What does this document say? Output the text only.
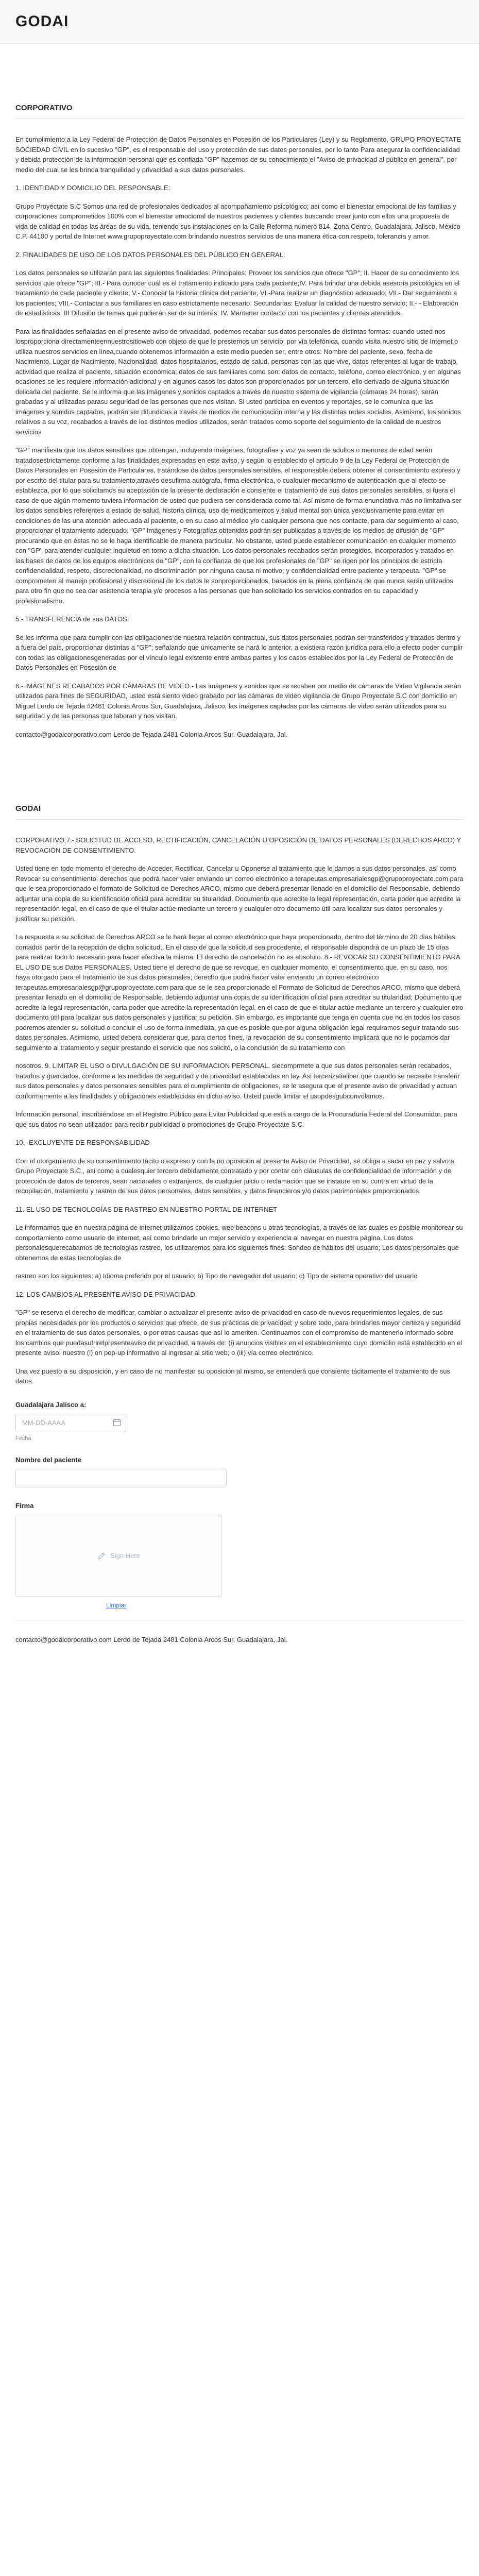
GODAI
CORPORATIVO

En cumplimiento a la Ley Federal de Protección de Datos Personales en Posesión de los Particulares (Ley) y su Reglamento, GRUPO PROYECTATE SOCIEDAD CIVIL en lo sucesivo "GP", es el responsable del uso y protección de sus datos personales, por lo tanto Para asegurar la confidencialidad y debida protección de la información personal que es confiada "GP" hacemos de su conocimiento el "Aviso de privacidad al público en general", por medio del cual se les brinda tranquilidad y privacidad a sus datos personales.

1. IDENTIDAD Y DOMICILIO DEL RESPONSABLE:

Grupo Proyéctate S.C Somos una red de profesionales dedicados al acompañamiento psicológico; así como el bienestar emocional de las familias y corporaciones comprometidos 100% con el bienestar emocional de nuestros pacientes y clientes buscando crear junto con ellos una propuesta de vida de calidad en todas las áreas de su vida, teniendo sus instalaciones en la Calle Reforma número 814, Zona Centro, Guadalajara, Jalisco, México C.P. 44100 y portal de Internet www.grupoproyectate.com brindando nuestros servicios de una manera ética con respeto, tolerancia y amor.

2. FINALIDADES DE USO DE LOS DATOS PERSONALES DEL PÚBLICO EN GENERAL:

Los datos personales se utilizarán para las siguientes finalidades: Principales: Proveer los servicios que ofrece "GP"; II. Hacer de su conocimiento los servicios que ofrece "GP"; III.- Para conocer cuál es el tratamiento indicado para cada paciente;IV. Para brindar una debida asesoría psicológica en el tratamiento de cada paciente y cliente; V.- Conocer la historia clínica del paciente, VI.-Para realizar un diagnóstico adecuado; VII.- Dar seguimiento a los pacientes; VIII.- Contactar a sus familiares en caso estrictamente necesario. Secundarias: Evaluar la calidad de nuestro servicio; II.- - Elaboración de estadísticas. III Difusión de temas que pudieran ser de su interés; IV. Mantener contacto con los pacientes y clientes atendidos.

Para las finalidades señaladas en el presente aviso de privacidad, podemos recabar sus datos personales de distintas formas: cuando usted nos losproporciona directamenteennuestrositioweb con objeto de que le prestemos un servicio; por vía telefónica, cuando visita nuestro sitio de Internet o utiliza nuestros servicios en línea,cuando obtenemos información a este medio pueden ser, entre otros: Nombre del paciente, sexo, fecha de Nacimiento, Lugar de Nacimiento, Nacionalidad, datos hospitalarios, estado de salud, personas con las que vive, datos referentes al lugar de trabajo, actividad que realiza el paciente, situación económica; datos de sus familiares como son: datos de contacto, teléfono, correo electrónico, y en algunas ocasiones se les requiere información adicional y en algunos casos los datos son proporcionados por un tercero, ello derivado de alguna situación delicada del paciente. Se le informa que las imágenes y sonidos captados a través de nuestro sistema de vigilancia (cámaras 24 horas), serán grabadas y al utilizadas parasu seguridad de las personas que nos visitan. Si usted participa en eventos y reportajes, se le comunica que las imágenes y sonidos captados, podrán ser difundidas a través de medios de comunicación interna y las distintas redes sociales. Asimismo, los sonidos relativos a su voz, recabados a través de los distintos medios utilizados, serán tratados como soporte del seguimiento de la calidad de nuestros servicios

"GP" manifiesta que los datos sensibles que obtengan, incluyendo imágenes, fotografías y voz ya sean de adultos o menores de edad serán tratadosestrictamente conforme a las finalidades expresadas en este aviso, y según lo establecido el artículo 9 de la Ley Federal de Protección de Datos Personales en Posesión de Particulares, tratándose de datos personales sensibles, el responsable deberá obtener el consentimiento expreso y por escrito del titular para su tratamiento,através desufirma autógrafa, firma electrónica, o cualquier mecanismo de autenticación que al efecto se establezca, por lo que solicitamos su aceptación de la presente declaración e consiente el tratamiento de sus datos personales sensibles, si fuera el caso de que algún momento tuviera información de usted que pudiera ser considerada como tal. Así mismo de forma enunciativa más no limitativa ser los datos sensibles referentes a estado de salud, historia clínica, uso de medicamentos y salud mental son única yexclusivamente para evitar en condiciones de las una atención adecuada al paciente, o en su caso al médico y/o cualquier persona que nos contacte, para dar seguimiento al caso, proporcionar el tratamiento adecuado. "GP" Imágenes y Fotografías obtenidas podrán ser publicadas a través de los medios de difusión de "GP" procurando que en éstas no se le haga identificable de manera particular. No obstante, usted puede establecer comunicación en cualquier momento con "GP" para atender cualquier inquietud en torno a dicha situación. Los datos personales recabados serán protegidos, incorporados y tratados en las bases de datos de los equipos electrónicos de "GP", con la confianza de que los profesionales de "GP" se rigen por los principios de estricta confidencialidad, respeto, discrecionalidad, no discriminación por ninguna causa ni motivo; y confidencialidad entre paciente y terapeuta. "GP" se comprometen al manejo profesional y discrecional de los datos le sonproporcionados, basados en la plena confianza de que nunca serán utilizados para otro fin que no sea dar asistencia terapia y/o procesos a las personas que han solicitado los servicios contrados en su capacidad y profesionalismo.

5.- TRANSFERENCIA de sus DATOS:

Se les informa que para cumplir con las obligaciones de nuestra relación contractual, sus datos personales podrán ser transferidos y tratados dentro y a fuera del país, proporcionar distintas a "GP"; señalando que únicamente se hará lo anterior, a existiera razón jurídica para ello a efecto poder cumplir con todas las obligacionesgeneradas por el vínculo legal existente entre ambas partes y los casos establecidos por la Ley Federal de Protección de Datos Personales en Posesión de

6.- IMÁGENES RECABADOS POR CÁMARAS DE VIDEO.- Las imágenes y sonidos que se recaben por medio de cámaras de Video Vigilancia serán utilizados para fines de SEGURIDAD, usted está siento video grabado por las cámaras de video vigilancia de Grupo Proyectate S.C con domicilio en Miguel Lerdo de Tejada #2481 Colonia Arcos Sur, Guadalajara, Jalisco, las imágenes captadas por las cámaras de video serán utilizados para su seguridad y de las personas que laboran y nos visitan.

contacto@godaicorporativo.com Lerdo de Tejada 2481 Colonia Arcos Sur. Guadalajara, Jal.

GODAI

CORPORATIVO 7.- SOLICITUD DE ACCESO, RECTIFICACIÓN, CANCELACIÓN U OPOSICIÓN DE DATOS PERSONALES (DERECHOS ARCO) Y REVOCACIÓN DE CONSENTIMIENTO.

Usted tiene en todo momento el derecho de Acceder, Rectificar, Cancelar u Oponerse al tratamiento que le damos a sus datos personales, así como Revocar su consentimiento; derechos que podrá hacer valer enviando un correo electrónico a terapeutas.empresarialesgp@grupoproyectate.com para que le sea proporcionado el formato de Solicitud de Derechos ARCO, mismo que deberá presentar llenado en el domicilio del Responsable, debiendo adjuntar una copia de su identificación oficial para acreditar su titularidad. Documento que acredite la legal representación, carta poder que acredite la representación legal, en el caso de que el titular actúe mediante un tercero y cualquier otro documento útil para localizar sus datos personales y justificar su petición.

La respuesta a su solicitud de Derechos ARCO se le hará llegar al correo electrónico que haya proporcionado, dentro del término de 20 días hábiles contados partir de la recepción de dicha solicitud;. En el caso de que la solicitud sea procedente, el responsable dispondrá de un plazo de 15 días para realizar todo lo necesario para hacer efectiva la misma. El derecho de cancelación no es absoluto. 8.- REVOCAR SU CONSENTIMIENTO PARA EL USO DE sus Datos PERSONALES. Usted tiene el derecho de que se revoque, en cualquier momento, el consentimiento que, en su caso, nos haya otorgado para el tratamiento de sus datos personales; derecho que podrá hacer valer enviando un correo electrónico terapeutas.empresarialesgp@grupoproyectate.com para que se le sea proporcionado el Formato de Solicitud de Derechos ARCO, mismo que deberá presentar llenado en el domicilio de Responsable, debiendo adjuntar una copia de su identificación oficial para acreditar su titularidad; Documento que acredite la legal representación, carta poder que acredite la representación legal, en el caso de que el titular actúe mediante un tercero y cualquier otro documento útil para localizar sus datos personales y justificar su petición. Sin embargo, es importante que tenga en cuenta que no en todos los casos podremos atender su solicitud o concluir el uso de forma inmediata, ya que es posible que por alguna obligación legal requiramos seguir tratando sus datos personales. Asimismo, usted deberá considerar que, para ciertos fines, la revocación de su consentimiento implicará que no le podamos dar seguimiento al tratamiento y seguir prestando el servicio que nos solicitó, o la conclusión de su tratamiento con

nosotros. 9. LIMITAR EL USO o DIVULGACIÓN DE SU INFORMACION PERSONAL. siecomprmete a que sus datos personales serán recabados, tratados y guardados, conforme a las medidas de seguridad y de privacidad establecidas en ley. Asi tercerizatialiber que cuando se necesite transferir sus datos personales y datos personales sensibles para el cumplimiento de obligaciones, se le asegura que el presente aviso de privacidad y actuan conformemente a las finalidades y obligaciones establecidas en dicho aviso. Usted puede limitar el usopdesgubconvolamos.

Información personal, inscribiéndose en el Registro Público para Evitar Publicidad que está a cargo de la Procuraduría Federal del Consumidor, para que sus datos no sean utilizados para recibir publicidad o promociones de Grupo Proyectate S.C.

10.- EXCLUYENTE DE RESPONSABILIDAD

Con el otorgamiento de su consentimiento tácito o expreso y con la no oposición al presente Aviso de Privacidad, se obliga a sacar en paz y salvo a Grupo Proyectate S.C., así como a cualesquier tercero debidamente contratado y por contar con cláusulas de confidencialidad de información y de protección de datos de terceros, sean nacionales o extranjeros, de cualquier juicio o reclamación que se instaure en su contra en virtud de la recopilación, tratamiento y rastreo de sus datos personales, datos sensibles, y datos financieros y/o datos patrimoniales proporcionados.

11. EL USO DE TECNOLOGÍAS DE RASTREO EN NUESTRO PORTAL DE INTERNET

Le informamos que en nuestra página de internet utilizamos cookies, web beacons u otras tecnologías, a través de las cuales es posible monitorear su comportamiento como usuario de internet, así como brindarle un mejor servicio y experiencia al navegar en nuestra página. Los datos personalesquerecabamos de tecnologías rastreo, los utilizaremos para los siguientes fines: Sondeo de hábitos del usuario; Los datos personales que obtenemos de estas tecnologías de

rastreo son los siguientes: a) Idioma preferido por el usuario; b) Tipo de navegador del usuario; c) Tipo de sistema operativo del usuario

12. LOS CAMBIOS AL PRESENTE AVISO DE PRIVACIDAD.

"GP" se reserva el derecho de modificar, cambiar o actualizar el presente aviso de privacidad en caso de nuevos requerimientos legales, de sus propias necesidades por los productos o servicios que ofrece, de sus prácticas de privacidad; y sobre todo, para brindarles mayor certeza y seguridad en el tratamiento de sus datos personales, o por otras causas que así lo ameriten. Continuamos con el compromiso de mantenerlo informado sobre los cambios que puedasufrirelpresenteaviso de privacidad, a través de: (i) anuncios visibles en el establecimiento cuyo domicilio está establecido en el presente aviso; nuestro (i) on pop-up informativo al ingresar al sitio web; o (iii) vía correo electrónico.

Una vez puesto a su disposición, y en caso de no manifestar su oposición al mismo, se entenderá que consiente tácitamente el tratamiento de sus datos.

Guadalajara Jalisco a:
MM-DD-AAAA
Fecha
Nombre del paciente
Firma
Sign Here
Limpiar

contacto@godaicorporativo.com Lerdo de Tejada 2481 Colonia Arcos Sur. Guadalajara, Jal.
